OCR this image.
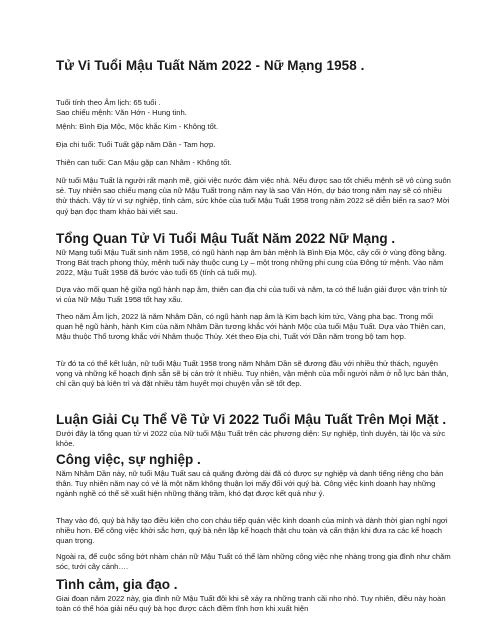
Tử Vi Tuổi Mậu Tuất Năm 2022 - Nữ Mạng 1958 .

Tuổi tính theo Âm lịch: 65 tuổi .

Sao chiếu mệnh: Văn Hớn - Hung tinh.

Mệnh: Bình Địa Mộc, Mộc khắc Kim - Không tốt.
Địa chi tuổi: Tuổi Tuất gặp năm Dần - Tam hợp.
Thiên can tuổi: Can Mậu gặp can Nhâm - Không tốt.
Nữ tuổi Mậu Tuất là người rất mạnh mẽ, giỏi việc nước đảm việc nhà. Nếu được sao tốt chiếu mệnh sẽ vô cùng suôn sẻ. Tuy nhiên sao chiếu mạng của nữ Mậu Tuất trong năm nay là sao Văn Hớn, dự báo trong năm nay sẽ có nhiều thử thách. Vậy tử vi sự nghiệp, tình cảm, sức khỏe của tuổi Mậu Tuất 1958 trong năm 2022 sẽ diễn biến ra sao? Mời quý bạn đọc tham khảo bài viết sau.
Tổng Quan Tử Vi Tuổi Mậu Tuất Năm 2022 Nữ Mạng .
Nữ Mạng tuổi Mậu Tuất sinh năm 1958, có ngũ hành nạp âm bản mệnh là Bình Địa Mộc, cây cối ở vùng đồng bằng. Trong Bát trạch phong thủy, mệnh tuổi này thuộc cung Ly – một trong những phi cung của Đông tứ mệnh. Vào năm 2022, Mậu Tuất 1958 đã bước vào tuổi 65 (tính cả tuổi mụ).
Dựa vào mối quan hệ giữa ngũ hành nạp âm, thiên can địa chi của tuổi và năm, ta có thể luận giải được vận trình tử vi của Nữ Mậu Tuất 1958 tốt hay xấu.
Theo năm Âm lịch, 2022 là năm Nhâm Dần, có ngũ hành nạp âm là Kim bạch kim tức, Vàng pha bạc. Trong mối quan hệ ngũ hành, hành Kim của năm Nhâm Dần tương khắc với hành Mộc của tuổi Mậu Tuất. Dựa vào Thiên can, Mậu thuộc Thổ tương khắc với Nhâm thuộc Thủy. Xét theo Địa chi, Tuất với Dần năm trong bộ tam hợp.
Từ đó ta có thể kết luận, nữ tuổi Mậu Tuất 1958 trong năm Nhâm Dần sẽ đương đầu với nhiều thử thách, nguyện vọng và những kế hoạch định sẵn sẽ bị cản trở ít nhiều. Tuy nhiên, vận mệnh của mỗi người nằm ở nỗ lực bản thân, chỉ cần quý bà kiên trì và đặt nhiều tâm huyết mọi chuyện vẫn sẽ tốt đẹp.
Luận Giải Cụ Thể Về Tử Vi 2022 Tuổi Mậu Tuất Trên Mọi Mặt .
Dưới đây là tổng quan tử vi 2022 của Nữ tuổi Mậu Tuất trên các phương diện: Sự nghiệp, tình duyên, tài lộc và sức khỏe.
Công việc, sự nghiệp .
Năm Nhâm Dần này, nữ tuổi Mậu Tuất sau cả quãng đường dài đã có được sự nghiệp và danh tiếng riêng cho bản thân. Tuy nhiên năm nay có vẻ là một năm không thuận lợi mấy đối với quý bà. Công việc kinh doanh hay những ngành nghề có thể sẽ xuất hiện những thăng trầm, khó đạt được kết quả như ý.
Thay vào đó, quý bà hãy tạo điều kiện cho con cháu tiếp quản việc kinh doanh của mình và dành thời gian nghỉ ngơi nhiều hơn. Để công việc khởi sắc hơn, quý bà nên lập kế hoạch thật chu toàn và cẩn thận khi đưa ra các kế hoạch quan trọng.
Ngoài ra, để cuộc sống bớt nhàm chán nữ Mậu Tuất có thể làm những công việc nhẹ nhàng trong gia đình như chăm sóc, tưới cây cảnh….
Tình cảm, gia đạo .
Giai đoạn năm 2022 này, gia đình nữ Mậu Tuất đôi khi sẽ xảy ra những tranh cãi nho nhỏ. Tuy nhiên, điều này hoàn toàn có thể hóa giải nếu quý bà học được cách điềm tĩnh hơn khi xuất hiện
